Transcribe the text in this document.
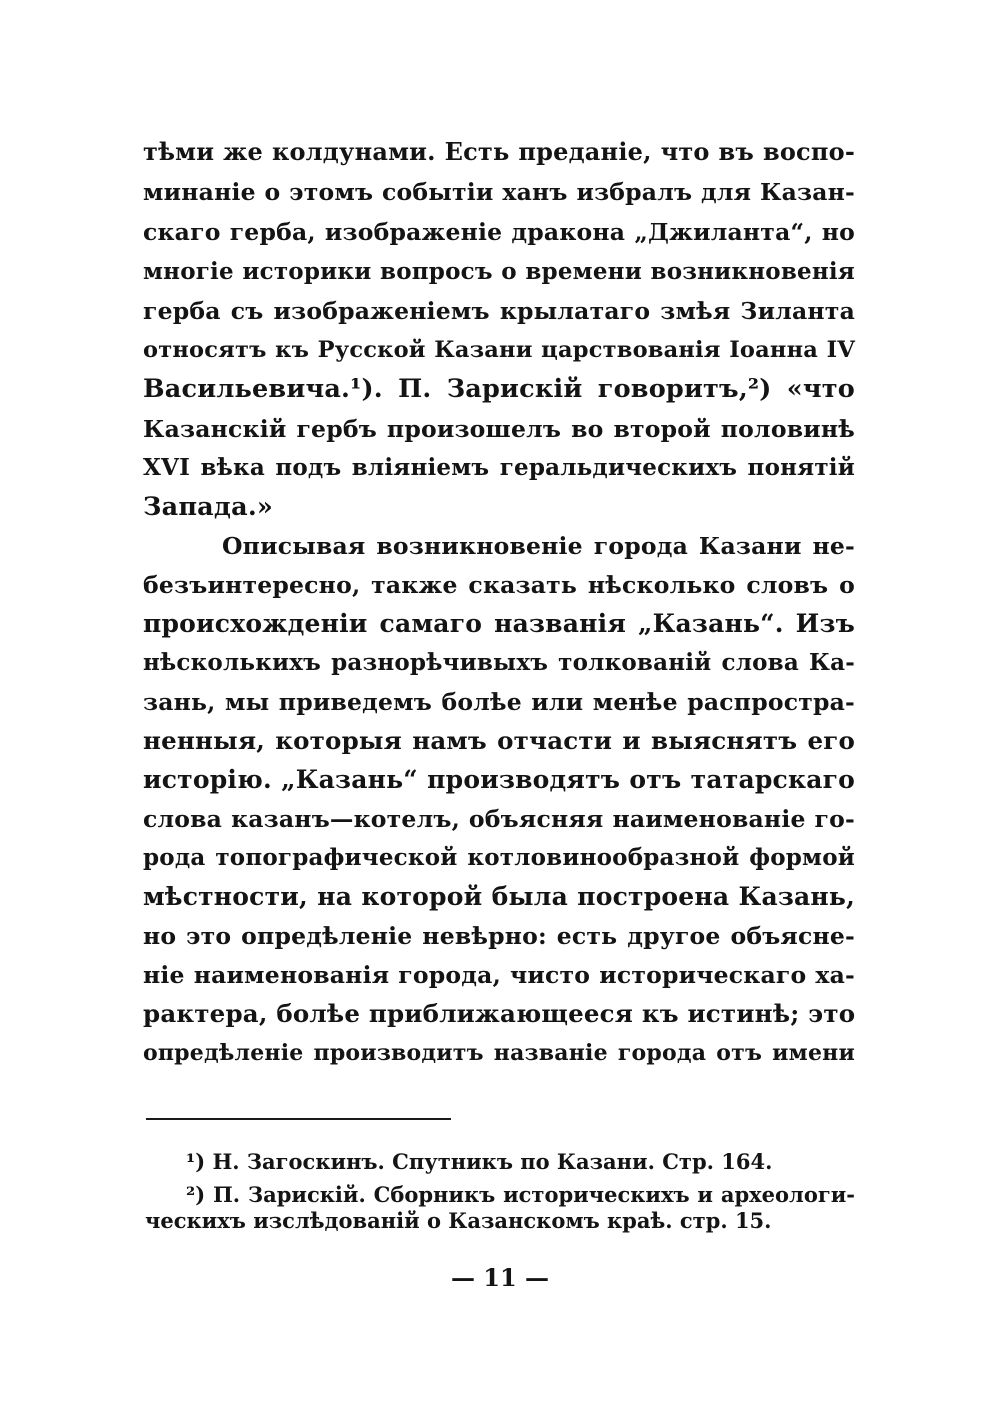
тѣми же колдунами. Есть преданіе, что въ воспо-
минаніе о этомъ событіи ханъ избралъ для Казан-
скаго герба, изображеніе дракона „Джиланта“, но
многіе историки вопросъ о времени возникновенія
герба съ изображеніемъ крылатаго змѣя Зиланта
относятъ къ Русской Казани царствованія Іоанна IV
Васильевича.¹). П. Зарискій говоритъ,²) «что
Казанскій гербъ произошелъ во второй половинѣ
XVI вѣка подъ вліяніемъ геральдическихъ понятій
Запада.»
Описывая возникновеніе города Казани не-
безъинтересно, также сказать нѣсколько словъ о
происхожденіи самаго названія „Казань“. Изъ
нѣсколькихъ разнорѣчивыхъ толкованій слова Ка-
зань, мы приведемъ болѣе или менѣе распростра-
ненныя, которыя намъ отчасти и выяснятъ его
исторію. „Казань“ производятъ отъ татарскаго
слова казанъ—котелъ, объясняя наименованіе го-
рода топографической котловинообразной формой
мѣстности, на которой была построена Казань,
но это опредѣленіе невѣрно: есть другое объясне-
ніе наименованія города, чисто историческаго ха-
рактера, болѣе приближающееся къ истинѣ; это
опредѣленіе производитъ названіе города отъ имени
¹) Н. Загоскинъ. Спутникъ по Казани. Стр. 164.
²) П. Зарискій. Сборникъ историческихъ и археологи-
ческихъ изслѣдованій о Казанскомъ краѣ. стр. 15.
— 11 —
